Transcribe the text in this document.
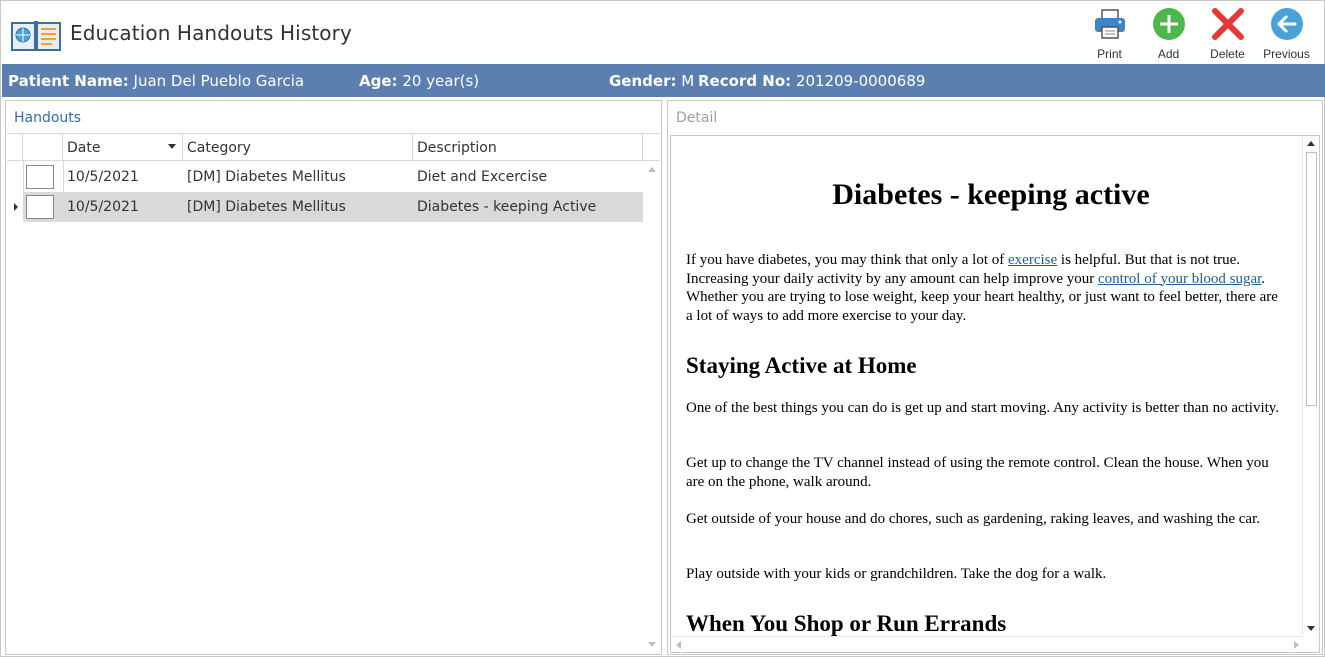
Education Handouts History
Print	Add	Delete Previous
Patient Name: Juan Del Pueblo Garcia	Age: 20 year(s)	Gender: M Record No: 201209-0000689
Handouts
Date	Category	Description
10/5/2021	[DM] Diabetes Mellitus	Diet and Excercise
10/5/2021	[DM] Diabetes Mellitus	Diabetes - keeping Active
Detail
Diabetes - keeping active

If you have diabetes, you may think that only a lot of exercise is helpful. But that is not true. Increasing your daily activity by any amount can help improve your control of your blood sugar. Whether you are trying to lose weight, keep your heart healthy, or just want to feel better, there are a lot of ways to add more exercise to your day.

Staying Active at Home

One of the best things you can do is get up and start moving. Any activity is better than no activity.

Get up to change the TV channel instead of using the remote control. Clean the house. When you are on the phone, walk around.

Get outside of your house and do chores, such as gardening, raking leaves, and washing the car.

Play outside with your kids or grandchildren. Take the dog for a walk.

When You Shop or Run Errands
